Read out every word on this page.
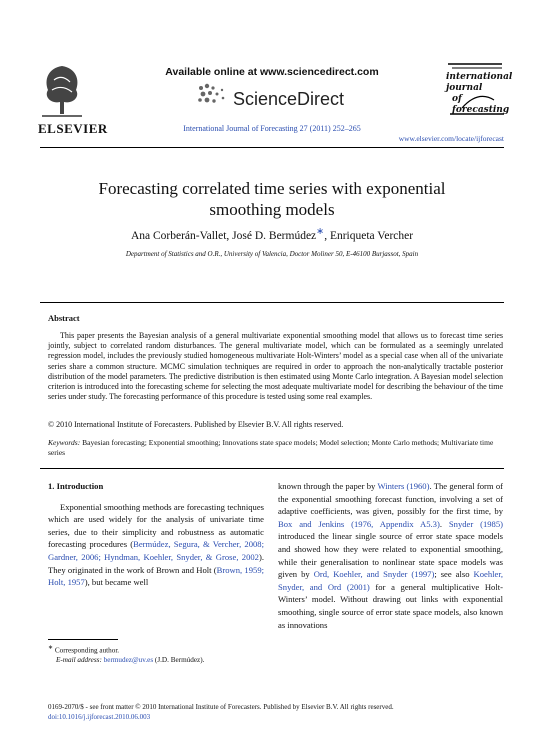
ELSEVIER
Available online at www.sciencedirect.com
ScienceDirect
International Journal of Forecasting 27 (2011) 252–265
www.elsevier.com/locate/ijforecast
Forecasting correlated time series with exponential
smoothing models
Ana Corberán-Vallet, José D. Bermúdez∗, Enriqueta Vercher
Department of Statistics and O.R., University of Valencia, Doctor Moliner 50, E-46100 Burjassot, Spain
Abstract

This paper presents the Bayesian analysis of a general multivariate exponential smoothing model that allows us to forecast time series jointly, subject to correlated random disturbances. The general multivariate model, which can be formulated as a seemingly unrelated regression model, includes the previously studied homogeneous multivariate Holt-Winters’ model as a special case when all of the univariate series share a common structure. MCMC simulation techniques are required in order to approach the non-analytically tractable posterior distribution of the model parameters. The predictive distribution is then estimated using Monte Carlo integration. A Bayesian model selection criterion is introduced into the forecasting scheme for selecting the most adequate multivariate model for describing the behaviour of the time series under study. The forecasting performance of this procedure is tested using some real examples.

© 2010 International Institute of Forecasters. Published by Elsevier B.V. All rights reserved.
Keywords: Bayesian forecasting; Exponential smoothing; Innovations state space models; Model selection; Monte Carlo methods; Multivariate time series
1. Introduction

Exponential smoothing methods are forecasting techniques which are used widely for the analysis of univariate time series, due to their simplicity and robustness as automatic forecasting procedures (Bermúdez, Segura, & Vercher, 2008; Gardner, 2006; Hyndman, Koehler, Snyder, & Grose, 2002). They originated in the work of Brown and Holt (Brown, 1959; Holt, 1957), but became well

known through the paper by Winters (1960). The general form of the exponential smoothing forecast function, involving a set of adaptive coefficients, was given, possibly for the first time, by Box and Jenkins (1976, Appendix A5.3). Snyder (1985) introduced the linear single source of error state space models and showed how they were related to exponential smoothing, while their generalisation to nonlinear state space models was given by Ord, Koehler, and Snyder (1997); see also Koehler, Snyder, and Ord (2001) for a general multiplicative Holt-Winters’ model. Without drawing out links with exponential smoothing, single source of error state space models, also known as innovations

∗ Corresponding author.
E-mail address: bermudez@uv.es (J.D. Bermúdez).
0169-2070/$ - see front matter © 2010 International Institute of Forecasters. Published by Elsevier B.V. All rights reserved.
doi:10.1016/j.ijforecast.2010.06.003
international journal
of forecasting
